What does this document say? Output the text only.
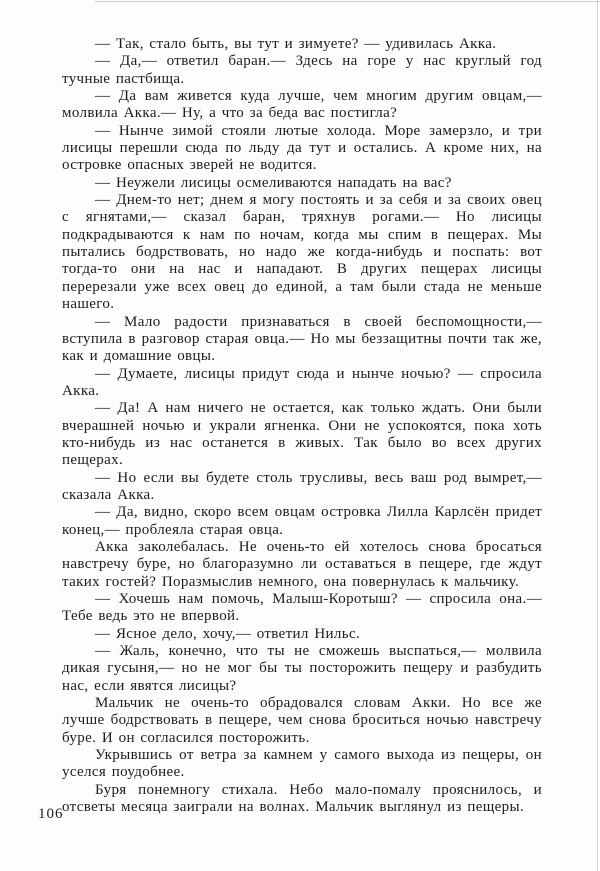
— Так, стало быть, вы тут и зимуете? — удивилась Акка.

— Да,— ответил баран.— Здесь на горе у нас круглый год тучные пастбища.

— Да вам живется куда лучше, чем многим другим овцам,— молвила Акка.— Ну, а что за беда вас постигла?

— Нынче зимой стояли лютые холода. Море замерзло, и три лисицы перешли сюда по льду да тут и остались. А кроме них, на островке опасных зверей не водится.

— Неужели лисицы осмеливаются нападать на вас?

— Днем-то нет; днем я могу постоять и за себя и за своих овец с ягнятами,— сказал баран, тряхнув рогами.— Но лисицы подкрадываются к нам по ночам, когда мы спим в пещерах. Мы пытались бодрствовать, но надо же когда-нибудь и поспать: вот тогда-то они на нас и нападают. В других пещерах лисицы перерезали уже всех овец до единой, а там были стада не меньше нашего.

— Мало радости признаваться в своей беспомощности,— вступила в разговор старая овца.— Но мы беззащитны почти так же, как и домашние овцы.

— Думаете, лисицы придут сюда и нынче ночью? — спросила Акка.

— Да! А нам ничего не остается, как только ждать. Они были вчерашней ночью и украли ягненка. Они не успокоятся, пока хоть кто-нибудь из нас останется в живых. Так было во всех других пещерах.

— Но если вы будете столь трусливы, весь ваш род вымрет,— сказала Акка.

— Да, видно, скоро всем овцам островка Лилла Карлсён придет конец,— проблеяла старая овца.

Акка заколебалась. Не очень-то ей хотелось снова бросаться навстречу буре, но благоразумно ли оставаться в пещере, где ждут таких гостей? Поразмыслив немного, она повернулась к мальчику.

— Хочешь нам помочь, Малыш-Коротыш? — спросила она.— Тебе ведь это не впервой.

— Ясное дело, хочу,— ответил Нильс.

— Жаль, конечно, что ты не сможешь выспаться,— молвила дикая гусыня,— но не мог бы ты посторожить пещеру и разбудить нас, если явятся лисицы?

Мальчик не очень-то обрадовался словам Акки. Но все же лучше бодрствовать в пещере, чем снова броситься ночью навстречу буре. И он согласился посторожить.

Укрывшись от ветра за камнем у самого выхода из пещеры, он уселся поудобнее.

Буря понемногу стихала. Небо мало-помалу прояснилось, и отсветы месяца заиграли на волнах. Мальчик выглянул из пещеры.

106
